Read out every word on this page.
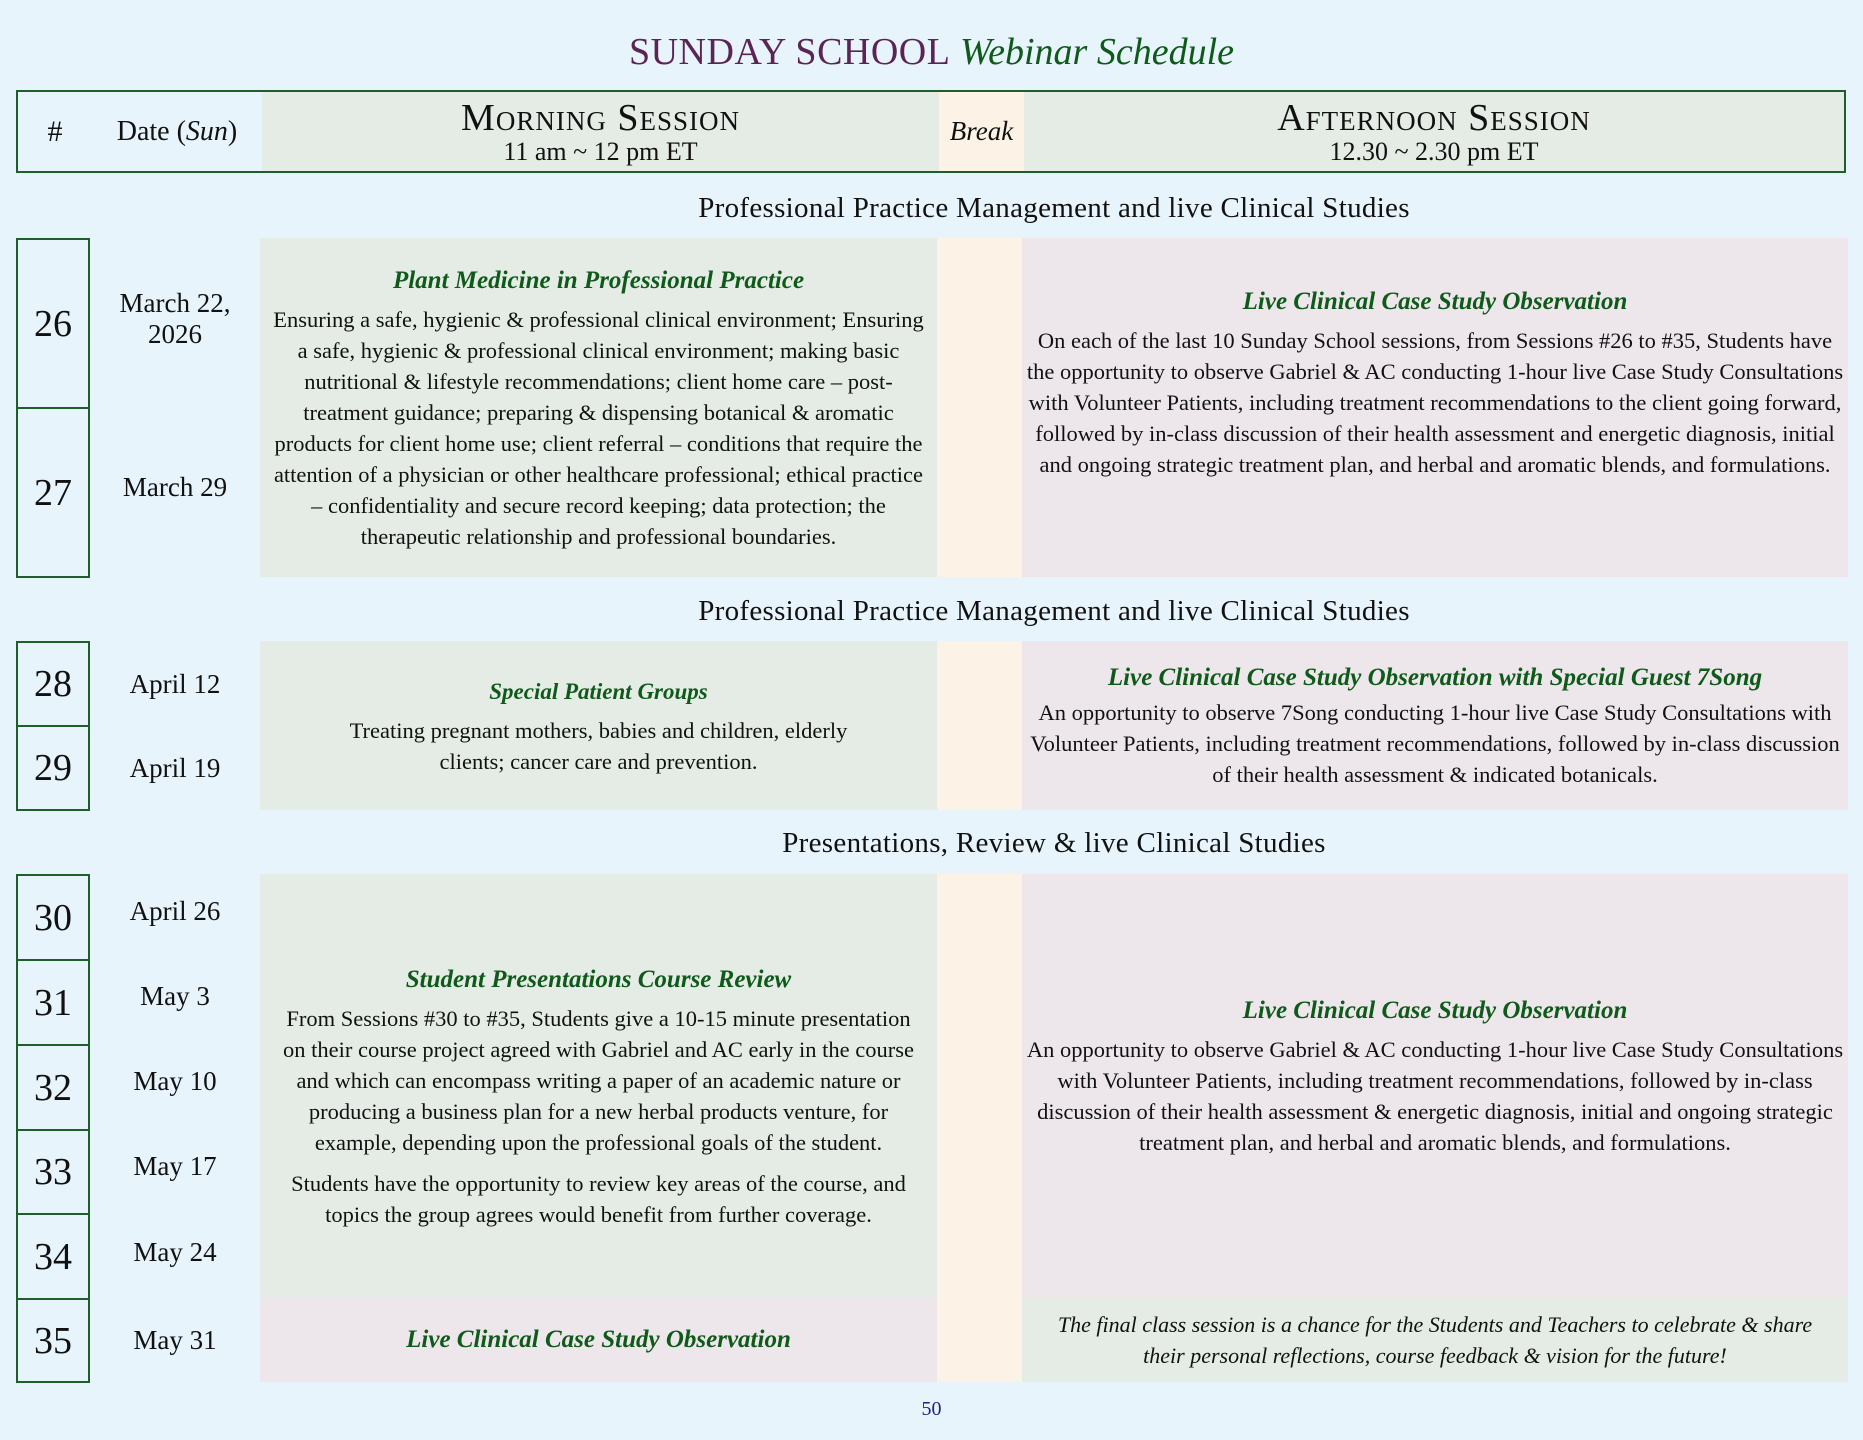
SUNDAY SCHOOL Webinar Schedule
# Date (Sun)	Morning Session
11 am ~ 12 pm ET
Break	Afternoon Session
12.30 ~ 2.30 pm ET
Professional Practice Management and live Clinical Studies
26
27
March 22, 2026
March 29
Plant Medicine in Professional Practice

Ensuring a safe, hygienic & professional clinical environment; Ensuring a safe, hygienic & professional clinical environment; making basic nutritional & lifestyle recommendations; client home care – post-treatment guidance; preparing & dispensing botanical & aromatic products for client home use; client referral – conditions that require the attention of a physician or other healthcare professional; ethical practice – confidentiality and secure record keeping; data protection; the therapeutic relationship and professional boundaries.

Live Clinical Case Study Observation

On each of the last 10 Sunday School sessions, from Sessions #26 to #35, Students have the opportunity to observe Gabriel & AC conducting 1-hour live Case Study Consultations with Volunteer Patients, including treatment recommendations to the client going forward, followed by in-class discussion of their health assessment and energetic diagnosis, initial and ongoing strategic treatment plan, and herbal and aromatic blends, and formulations.

Professional Practice Management and live Clinical Studies
28
29
April 12
April 19
Special Patient Groups

Treating pregnant mothers, babies and children, elderly clients; cancer care and prevention.

Live Clinical Case Study Observation with Special Guest 7Song

An opportunity to observe 7Song conducting 1-hour live Case Study Consultations with Volunteer Patients, including treatment recommendations, followed by in-class discussion of their health assessment & indicated botanicals.

Presentations, Review & live Clinical Studies
30
31
32
33
34
35
April 26
May 3
May 10
May 17
May 24
May 31
Student Presentations Course Review

From Sessions #30 to #35, Students give a 10-15 minute presentation on their course project agreed with Gabriel and AC early in the course and which can encompass writing a paper of an academic nature or producing a business plan for a new herbal products venture, for example, depending upon the professional goals of the student.

Students have the opportunity to review key areas of the course, and topics the group agrees would benefit from further coverage.

Live Clinical Case Study Observation
Live Clinical Case Study Observation

An opportunity to observe Gabriel & AC conducting 1-hour live Case Study Consultations with Volunteer Patients, including treatment recommendations, followed by in-class discussion of their health assessment & energetic diagnosis, initial and ongoing strategic treatment plan, and herbal and aromatic blends, and formulations.

The final class session is a chance for the Students and Teachers to celebrate & share their personal reflections, course feedback & vision for the future!
50
